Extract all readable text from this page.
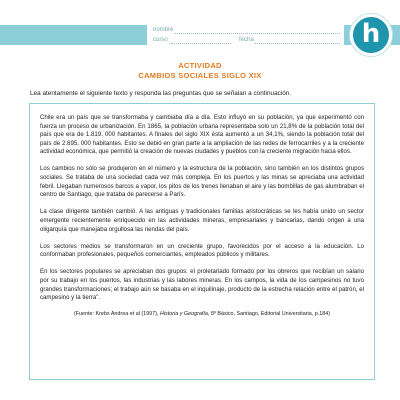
historia • 6º básico
nombre
curso	fecha	h
ACTIVIDAD
CAMBIOS SOCIALES SIGLO XIX
Lea atentamente el siguiente texto y responda las preguntas que se señalan a continuación.

Chile era un país que se transformaba y cambiaba día a día. Esto influyó en su población, ya que experimentó con fuerza un proceso de urbanización. En 1865, la población urbana representaba solo un 21,8% de la población total del país que era de 1.819. 000 habitantes. A finales del siglo XIX ésta aumentó a un 34,1%, siendo la población total del país de 2.695. 000 habitantes. Esto se debió en gran parte a la ampliación de las redes de ferrocarriles y a la creciente actividad económica, que permitió la creación de nuevas ciudades y pueblos con la creciente migración hacia ellos.

Los cambios no sólo se produjeron en el número y la estructura de la población, sino también en los distintos grupos sociales. Se trataba de una sociedad cada vez más compleja. En los puertos y las minas se apreciaba una actividad febril. Llegaban numerosos barcos a vapor, los pitos de los trenes llenaban el aire y las bombillas de gas alumbraban el centro de Santiago, que trataba de parecerse a París.

La clase dirigente también cambió. A las antiguas y tradicionales familias aristocráticas se les había unido un sector emergente recientemente enriquecido en las actividades mineras, empresariales y bancarias, dando origen a una oligarquía que manejaba orgullosa las riendas del país.

Los sectores medios se transformaron en un creciente grupo, favorecidos por el acceso a la educación. Lo conformaban profesionales, pequeños comerciantes, empleados públicos y militares.

En los sectores populares se apreciaban dos grupos: el proletariado formado por los obreros que recibían un salario por su trabajo en los puertos, las industrias y las labores mineras. En los campos, la vida de los campesinos no tuvo grandes transformaciones; el trabajo aún se basaba en el inquilinaje, producto de la estrecha relación entre el patrón, el campesino y la tierra".

(Fuente: Krebs Andrea et al (1997), Historia y Geografía, 8º Básico, Santiago, Editorial Universitaria, p.184)
